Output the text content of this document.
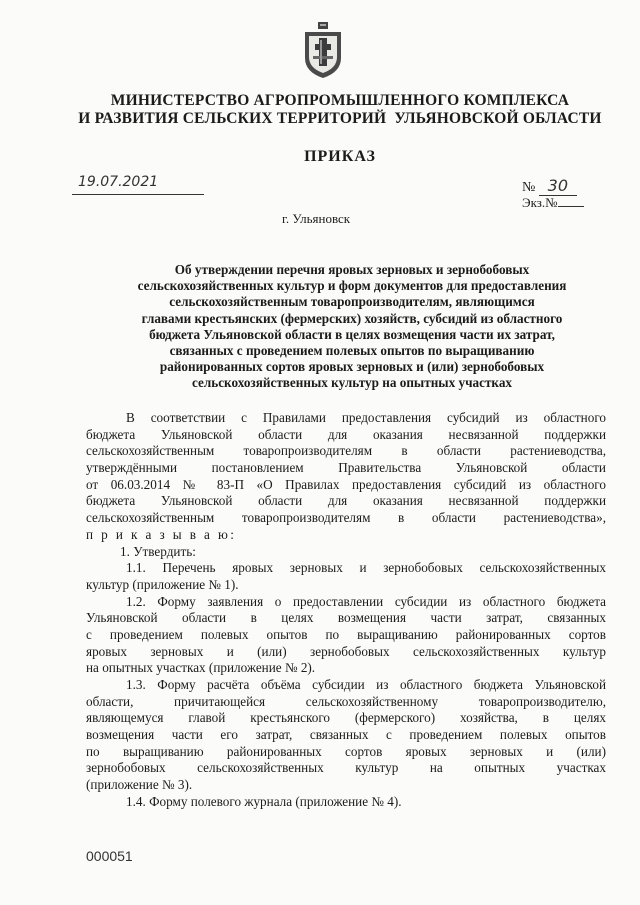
МИНИСТЕРСТВО АГРОПРОМЫШЛЕННОГО КОМПЛЕКСА
И РАЗВИТИЯ СЕЛЬСКИХ ТЕРРИТОРИЙ  УЛЬЯНОВСКОЙ ОБЛАСТИ
ПРИКАЗ
19.07.2021	№ 30
Экз.№
г. Ульяновск
Об утверждении перечня яровых зерновых и зернобобовых
сельскохозяйственных культур и форм документов для предоставления
сельскохозяйственным товаропроизводителям, являющимся
главами крестьянских (фермерских) хозяйств, субсидий из областного
бюджета Ульяновской области в целях возмещения части их затрат,
связанных с проведением полевых опытов по выращиванию
районированных сортов яровых зерновых и (или) зернобобовых
сельскохозяйственных культур на опытных участках
В соответствии с Правилами предоставления субсидий из областного
бюджета Ульяновской области для оказания несвязанной поддержки
сельскохозяйственным товаропроизводителям в области растениеводства,
утверждёнными постановлением Правительства Ульяновской области
от 06.03.2014 № 83-П «О Правилах предоставления субсидий из областного
бюджета Ульяновской области для оказания несвязанной поддержки
сельскохозяйственным товаропроизводителям в области растениеводства»,
п р и к а з ы в а ю:
1. Утвердить:
1.1. Перечень яровых зерновых и зернобобовых сельскохозяйственных
культур (приложение № 1).
1.2. Форму заявления о предоставлении субсидии из областного бюджета
Ульяновской области в целях возмещения части затрат, связанных
с проведением полевых опытов по выращиванию районированных сортов
яровых зерновых и (или) зернобобовых сельскохозяйственных культур
на опытных участках (приложение № 2).
1.3. Форму расчёта объёма субсидии из областного бюджета Ульяновской
области, причитающейся сельскохозяйственному товаропроизводителю,
являющемуся главой крестьянского (фермерского) хозяйства, в целях
возмещения части его затрат, связанных с проведением полевых опытов
по выращиванию районированных сортов яровых зерновых и (или)
зернобобовых сельскохозяйственных культур на опытных участках
(приложение № 3).
1.4. Форму полевого журнала (приложение № 4).
000051
